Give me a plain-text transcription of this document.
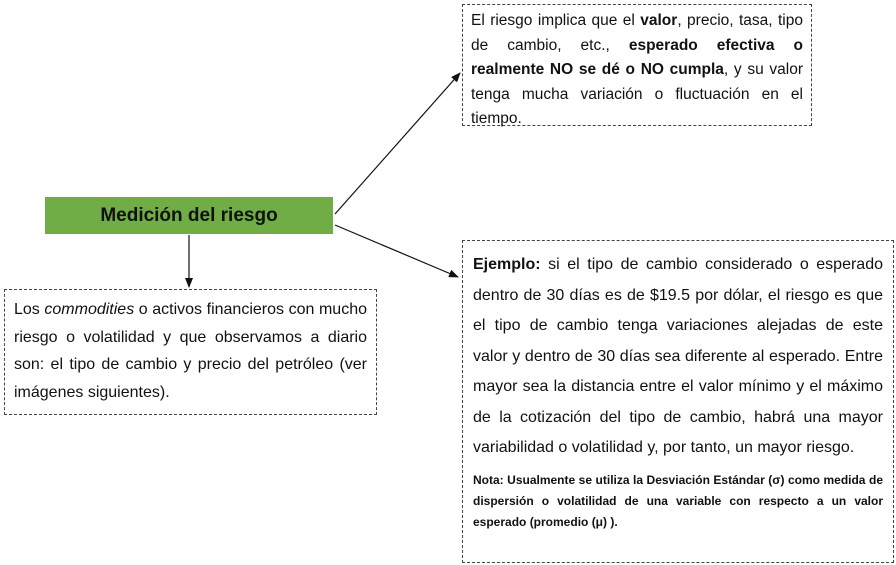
Medición del riesgo

El riesgo implica que el valor, precio, tasa, tipo de cambio, etc., esperado efectiva o realmente NO se dé o NO cumpla, y su valor tenga mucha variación o fluctuación en el tiempo.

Los commodities o activos financieros con mucho riesgo o volatilidad y que observamos a diario son: el tipo de cambio y precio del petróleo (ver imágenes siguientes).

Ejemplo: si el tipo de cambio considerado o esperado dentro de 30 días es de $19.5 por dólar, el riesgo es que el tipo de cambio tenga variaciones alejadas de este valor y dentro de 30 días sea diferente al esperado. Entre mayor sea la distancia entre el valor mínimo y el máximo de la cotización del tipo de cambio, habrá una mayor variabilidad o volatilidad y, por tanto, un mayor riesgo.

Nota: Usualmente se utiliza la Desviación Estándar (σ) como medida de dispersión o volatilidad de una variable con respecto a un valor esperado (promedio (μ) ).
